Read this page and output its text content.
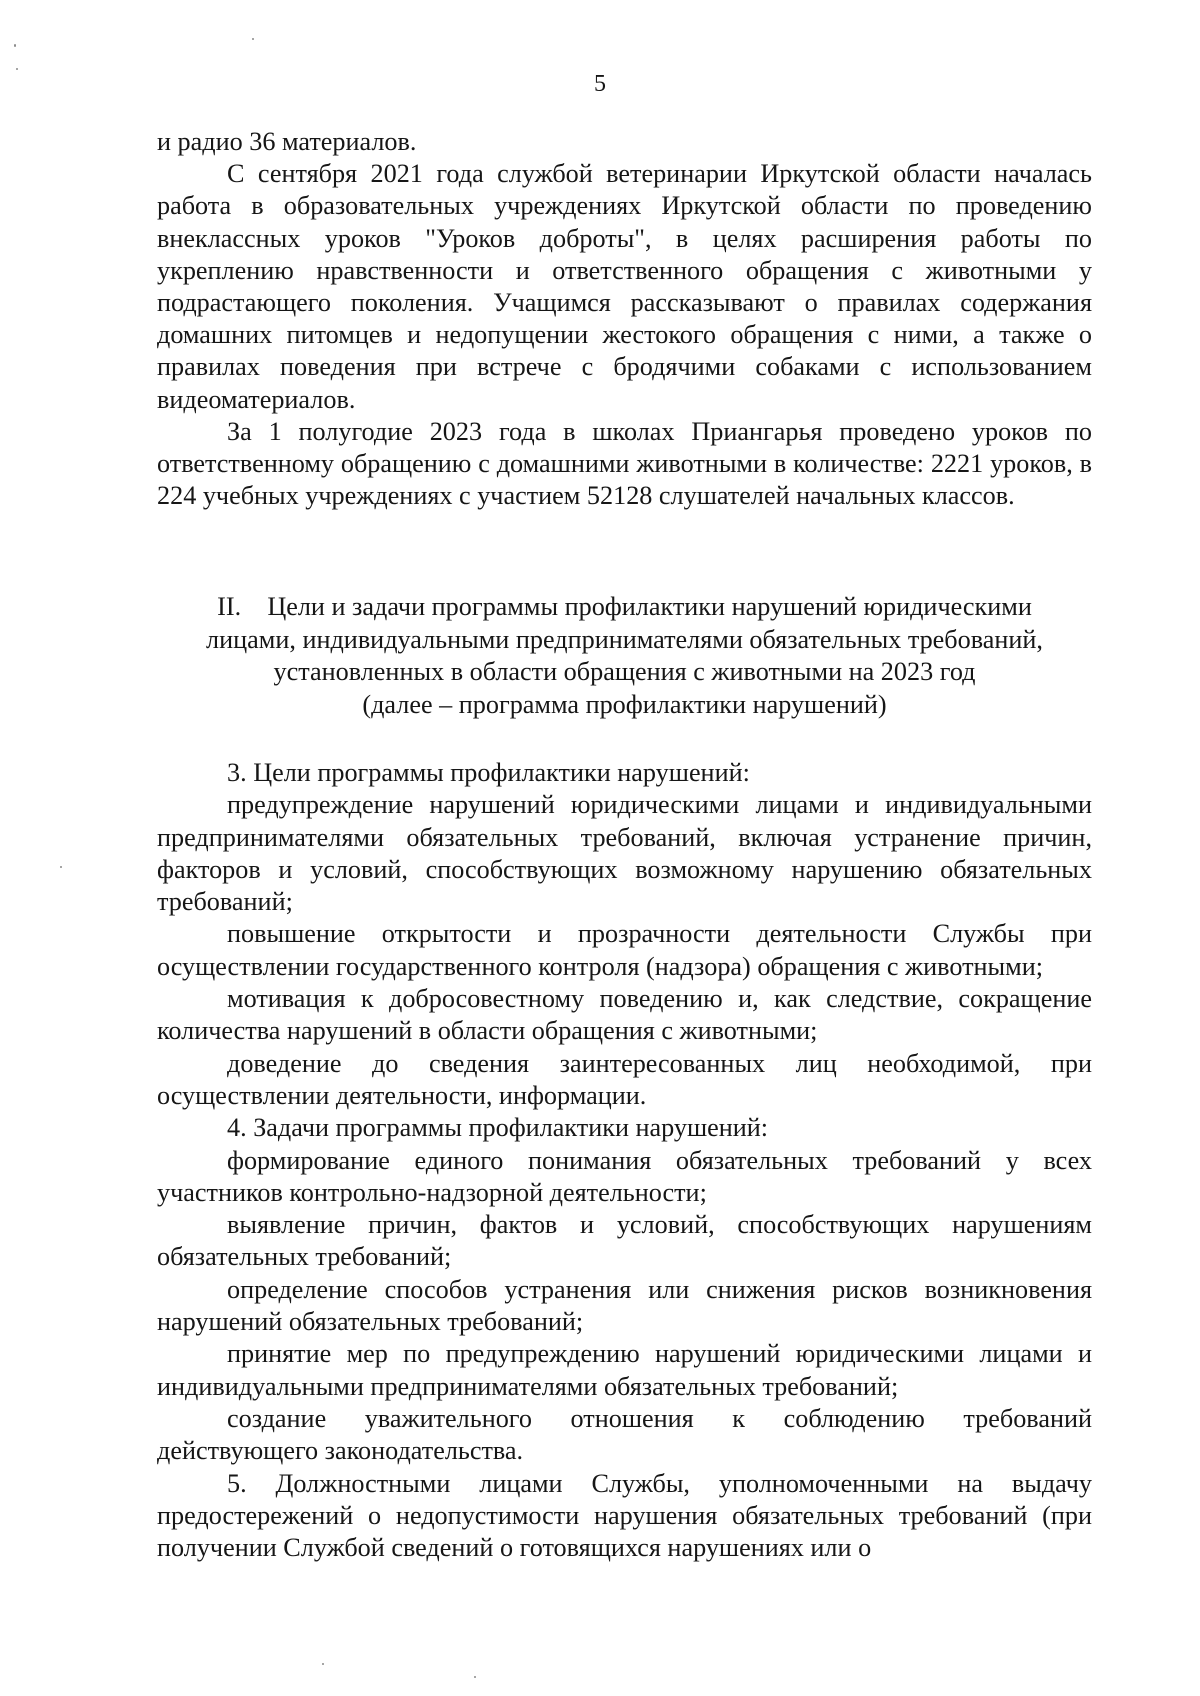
5

и радио 36 материалов.

С сентября 2021 года службой ветеринарии Иркутской области началась работа в образовательных учреждениях Иркутской области по проведению внеклассных уроков "Уроков доброты", в целях расширения работы по укреплению нравственности и ответственного обращения с животными у подрастающего поколения. Учащимся рассказывают о правилах содержания домашних питомцев и недопущении жестокого обращения с ними, а также о правилах поведения при встрече с бродячими собаками с использованием видеоматериалов.

За 1 полугодие 2023 года в школах Приангарья проведено уроков по ответственному обращению с домашними животными в количестве: 2221 уроков, в 224 учебных учреждениях с участием 52128 слушателей начальных классов.

II.    Цели и задачи программы профилактики нарушений юридическими
лицами, индивидуальными предпринимателями обязательных требований,
установленных в области обращения с животными на 2023 год
(далее – программа профилактики нарушений)

3. Цели программы профилактики нарушений:

предупреждение нарушений юридическими лицами и индивидуальными предпринимателями обязательных требований, включая устранение причин, факторов и условий, способствующих возможному нарушению обязательных требований;

повышение открытости и прозрачности деятельности Службы при осуществлении государственного контроля (надзора) обращения с животными;

мотивация к добросовестному поведению и, как следствие, сокращение количества нарушений в области обращения с животными;

доведение до сведения заинтересованных лиц необходимой, при осуществлении деятельности, информации.

4. Задачи программы профилактики нарушений:

формирование единого понимания обязательных требований у всех участников контрольно-надзорной деятельности;

выявление причин, фактов и условий, способствующих нарушениям обязательных требований;

определение способов устранения или снижения рисков возникновения нарушений обязательных требований;

принятие мер по предупреждению нарушений юридическими лицами и индивидуальными предпринимателями обязательных требований;

создание уважительного отношения к соблюдению требований действующего законодательства.

5. Должностными лицами Службы, уполномоченными на выдачу предостережений о недопустимости нарушения обязательных требований (при получении Службой сведений о готовящихся нарушениях или о
